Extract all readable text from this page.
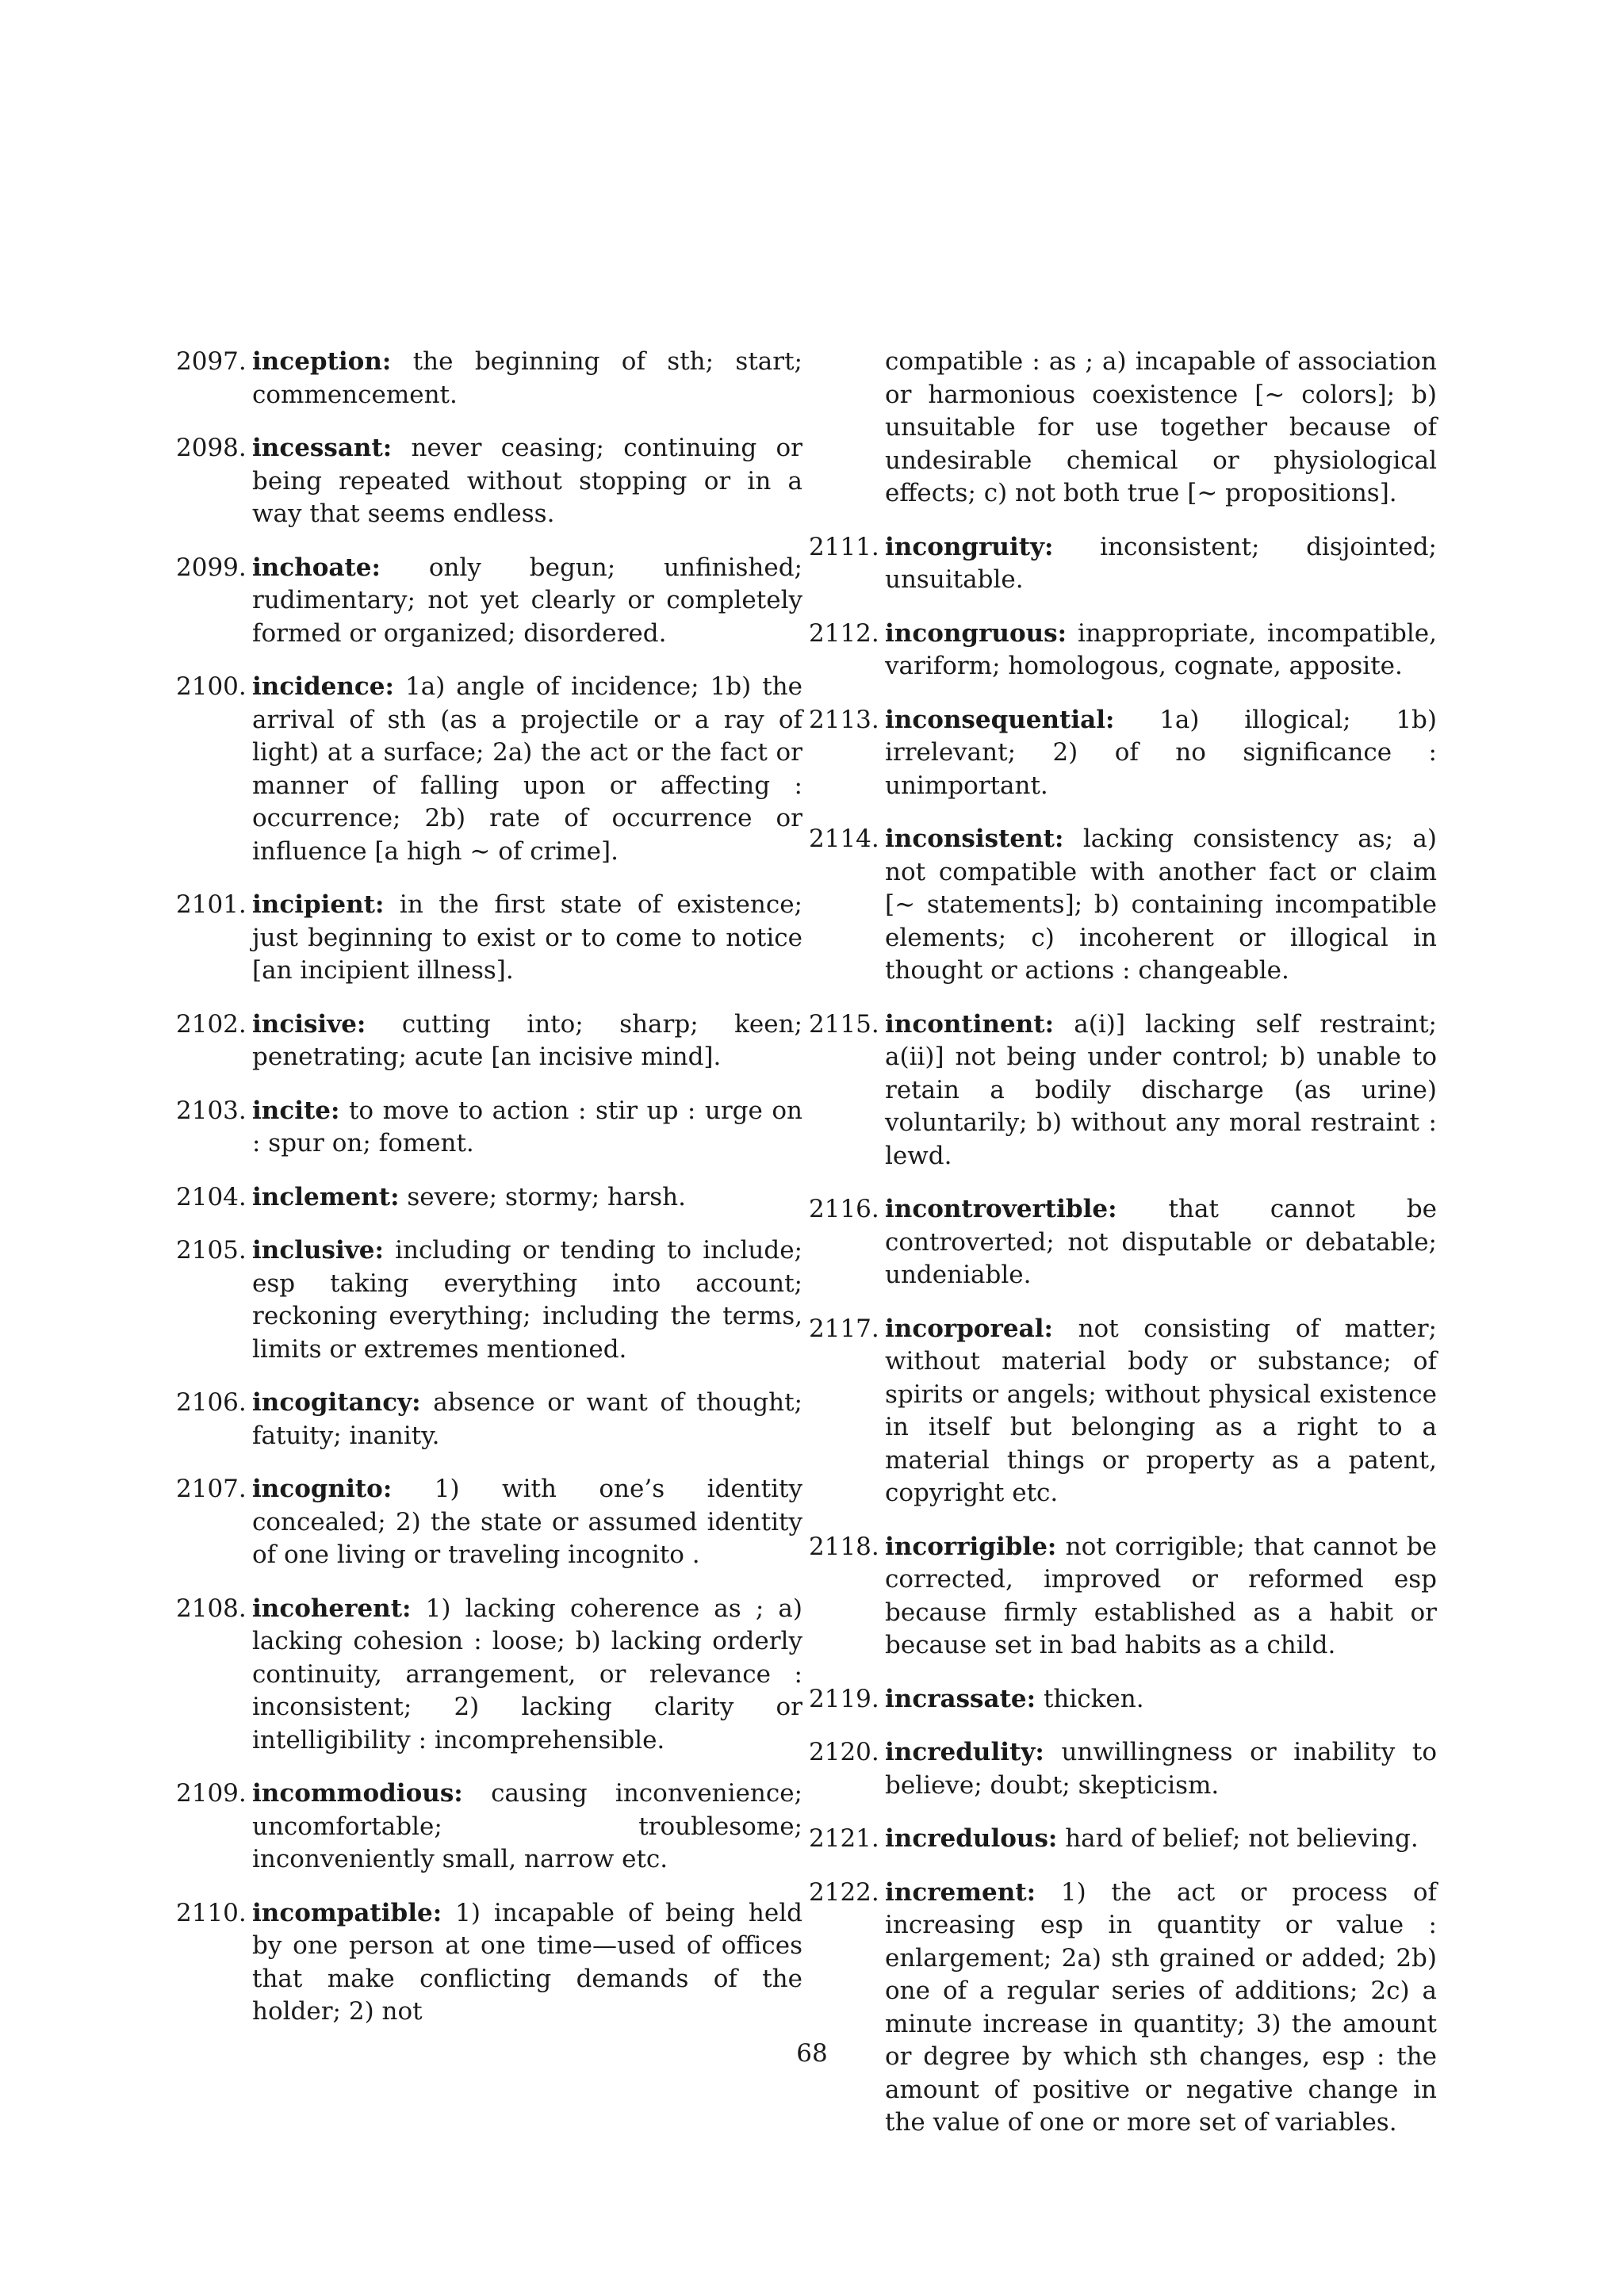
2097. inception: the beginning of sth; start; commencement.
2098. incessant: never ceasing; continuing or being repeated without stopping or in a way that seems endless.
2099. inchoate: only begun; unfinished; rudimentary; not yet clearly or completely formed or organized; disordered.
2100. incidence: 1a) angle of incidence; 1b) the arrival of sth (as a projectile or a ray of light) at a surface; 2a) the act or the fact or manner of falling upon or affecting : occurrence; 2b) rate of occurrence or influence [a high ∼ of crime].
2101. incipient: in the first state of existence; just beginning to exist or to come to notice [an incipient illness].
2102. incisive: cutting into; sharp; keen; penetrating; acute [an incisive mind].
2103. incite: to move to action : stir up : urge on : spur on; foment.
2104. inclement: severe; stormy; harsh.
2105. inclusive: including or tending to include; esp taking everything into account; reckoning everything; including the terms, limits or extremes mentioned.
2106. incogitancy: absence or want of thought; fatuity; inanity.
2107. incognito: 1) with one’s identity concealed; 2) the state or assumed identity of one living or traveling incognito .
2108. incoherent: 1) lacking coherence as ; a) lacking cohesion : loose; b) lacking orderly continuity, arrangement, or relevance : inconsistent; 2) lacking clarity or intelligibility : incomprehensible.
2109. incommodious: causing inconvenience; uncomfortable; troublesome; inconveniently small, narrow etc.
2110. incompatible: 1) incapable of being held by one person at one time—used of offices that make conflicting demands of the holder; 2) not
compatible : as ; a) incapable of association or harmonious coexistence [∼ colors]; b) unsuitable for use together because of undesirable chemical or physiological effects; c) not both true [∼ propositions].
2111. incongruity: inconsistent; disjointed; unsuitable.
2112. incongruous: inappropriate, incompatible, variform; homologous, cognate, apposite.
2113. inconsequential: 1a) illogical; 1b) irrelevant; 2) of no significance : unimportant.
2114. inconsistent: lacking consistency as; a) not compatible with another fact or claim [∼ statements]; b) containing incompatible elements; c) incoherent or illogical in thought or actions : changeable.
2115. incontinent: a(i)] lacking self restraint; a(ii)] not being under control; b) unable to retain a bodily discharge (as urine) voluntarily; b) without any moral restraint : lewd.
2116. incontrovertible: that cannot be controverted; not disputable or debatable; undeniable.
2117. incorporeal: not consisting of matter; without material body or substance; of spirits or angels; without physical existence in itself but belonging as a right to a material things or property as a patent, copyright etc.
2118. incorrigible: not corrigible; that cannot be corrected, improved or reformed esp because firmly established as a habit or because set in bad habits as a child.
2119. incrassate: thicken.
2120. incredulity: unwillingness or inability to believe; doubt; skepticism.
2121. incredulous: hard of belief; not believing.
2122. increment: 1) the act or process of increasing esp in quantity or value : enlargement; 2a) sth grained or added; 2b) one of a regular series of additions; 2c) a minute increase in quantity; 3) the amount or degree by which sth changes, esp : the amount of positive or negative change in the value of one or more set of variables.
68
